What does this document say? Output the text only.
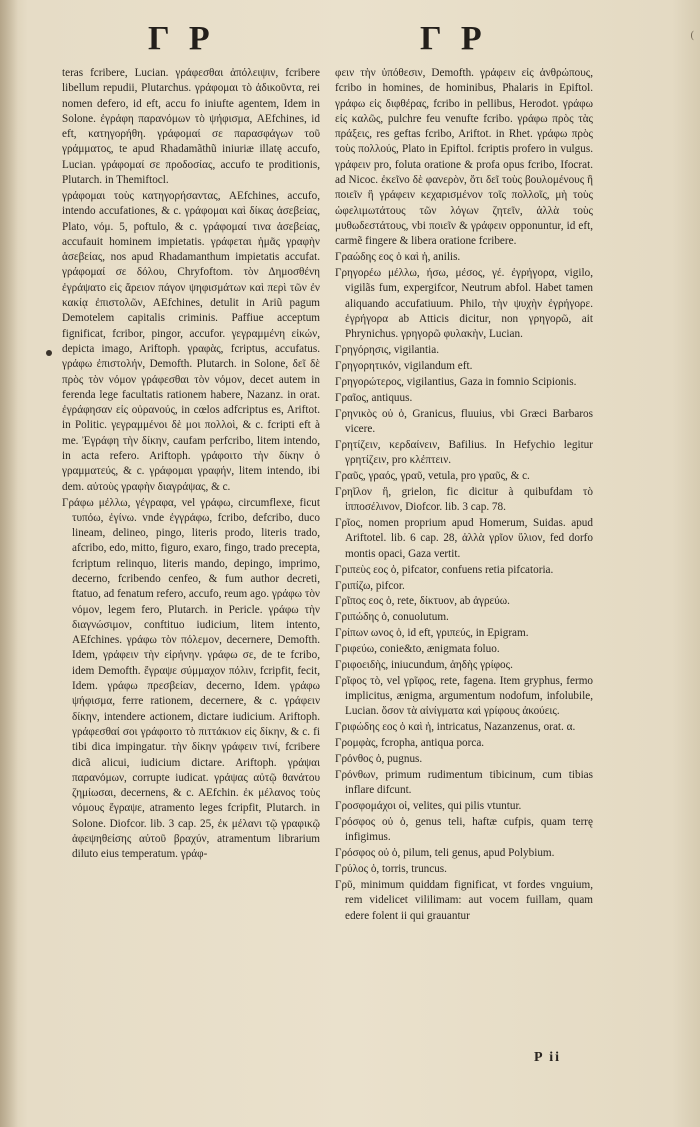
(
Γ Ρ	Γ Ρ

teras fcribere, Lucian. γράφεσθαι ἀπόλειψιν, fcribere libellum repudii, Plutarchus. γράφομαι τὸ ἀδικοῦντα, rei nomen defero, id eft, accu fo iniufte agentem, Idem in Solone. ἐγράφη παρανόμων τὸ ψήφισμα, AEfchines, id eft, κατηγορήθη. γράφομαί σε παρασφάγων τοῦ γράμματος, te apud Rhadamãthũ iniuriæ illatę accufo, Lucian. γράφομαί σε προδοσίας, accufo te proditionis, Plutarch. in Themiftocl.

γράφομαι τοὺς κατηγορήσαντας, AEfchines, accufo, intendo accufationes, & c. γράφομαι καὶ δίκας ἀσεβείας, Plato, νόμ. 5, poftulo, & c. γράφομαί τινα ἀσεβείας, accufauit hominem impietatis. γράφεται ἡμᾶς γραφὴν ἀσεβείας, nos apud Rhadamanthum impietatis accufat. γράφομαί σε δόλου, Chryfoftom. τὸν Δημοσθένη ἐγράψατο εἰς ἄρειον πάγον ψηφισμάτων καὶ περὶ τῶν ἐν κακίᾳ ἐπιστολῶν, AEfchines, detulit in Ariũ pagum Demotelem capitalis criminis. Paffiue acceptum fignificat, fcribor, pingor, accufor. γεγραμμένη εἰκών, depicta imago, Ariftoph. γραφὰς, fcriptus, accufatus. γράφω ἐπιστολήν, Demofth. Plutarch. in Solone, δεῖ δὲ πρὸς τὸν νόμον γράφεσθαι τὸν νόμον, decet autem in ferenda lege facultatis rationem habere, Nazanz. in orat. ἐγράφησαν εἰς οὐρανούς, in cœlos adfcriptus es, Ariftot. in Politic. γεγραμμένοι δὲ μοι πολλοὶ, & c. fcripti eft à me. Ἐγράφη τὴν δίκην, caufam perfcribo, litem intendo, in acta refero. Ariftoph. γράφοιτο τὴν δίκην ὁ γραμματεύς, & c. γράφομαι γραφήν, litem intendo, ibi dem. αὐτοὺς γραφὴν διαγράψας, & c.

Γράφω μέλλω, γέγραφα, vel γράφω, circumflexe, ficut τυπόω, ἐγίνω. vnde ἐγγράφω, fcribo, defcribo, duco lineam, delineo, pingo, literis prodo, literis trado, afcribo, edo, mitto, figuro, exaro, fingo, trado precepta, fcriptum relinquo, literis mando, depingo, imprimo, decerno, fcribendo cenfeo, & fum author decreti, ftatuo, ad fenatum refero, accufo, reum ago. γράφω τὸν νόμον, legem fero, Plutarch. in Pericle. γράφω τὴν διαγνώσιμον, conftituo iudicium, litem intento, AEfchines. γράφω τὸν πόλεμον, decernere, Demofth. Idem, γράφειν τὴν εἰρήνην. γράφω σε, de te fcribo, idem Demofth. ἔγραψε σύμμαχον πόλιν, fcripfit, fecit, Idem. γράφω πρεσβείαν, decerno, Idem. γράφω ψήφισμα, ferre rationem, decernere, & c. γράφειν δίκην, intendere actionem, dictare iudicium. Ariftoph. γράφεσθαί σοι γράφοιτο τὸ πιττάκιον εἰς δίκην, & c. fi tibi dica impingatur. τὴν δίκην γράφειν τινί, fcribere dicã alicui, iudicium dictare. Ariftoph. γράψαι παρανόμων, corrupte iudicat. γράψας αὐτῷ θανάτου ζημίωσαι, decernens, & c. AEfchin. ἐκ μέλανος τοὺς νόμους ἔγραψε, atramento leges fcripfit, Plutarch. in Solone. Diofcor. lib. 3 cap. 25, ἐκ μέλανι τῷ γραφικῷ ἀφεψηθείσης αὐτοῦ βραχύν, atramentum librarium diluto eius temperatum. γράφ-

φειν τὴν ὑπόθεσιν, Demofth. γράφειν εἰς ἀνθρώπους, fcribo in homines, de hominibus, Phalaris in Epiftol. γράφω εἰς διφθέρας, fcribo in pellibus, Herodot. γράφω εἰς καλῶς, pulchre feu venufte fcribo. γράφω πρὸς τὰς πράξεις, res geftas fcribo, Ariftot. in Rhet. γράφω πρὸς τοὺς πολλούς, Plato in Epiftol. fcriptis profero in vulgus. γράφειν pro, foluta oratione & profa opus fcribo, Ifocrat. ad Nicoc. ἐκεῖνο δὲ φανερὸν, ὅτι δεῖ τοὺς βουλομένους ἢ ποιεῖν ἢ γράφειν κεχαρισμένον τοῖς πολλοῖς, μὴ τοὺς ὠφελιμωτάτους τῶν λόγων ζητεῖν, ἀλλὰ τοὺς μυθωδεστάτους, vbi ποιεῖν & γράφειν opponuntur, id eft, carmẽ fingere & libera oratione fcribere.

Γραώδης εος ὁ καὶ ἡ, anilis.

Γρηγορέω μέλλω, ήσω, μέσος, γέ. ἐγρήγορα, vigilo, vigilãs fum, expergifcor, Neutrum abfol. Habet tamen aliquando accufatiuum. Philo, τὴν ψυχὴν ἐγρήγορε. ἐγρήγορα ab Atticis dicitur, non γρηγορῶ, ait Phrynichus. γρηγορῶ φυλακὴν, Lucian.

Γρηγόρησις, vigilantia.

Γρηγορητικόν, vigilandum eft.

Γρηγορώτερος, vigilantius, Gaza in fomnio Scipionis.

Γραῖος, antiquus.

Γρηνικὸς οὐ ὁ, Granicus, fluuius, vbi Græci Barbaros vicere.

Γρητίζειν, κερδαίνειν, Bafilius. In Hefychio legitur γρητίζειν, pro κλέπτειν.

Γραῦς, γραός, γραῦ, vetula, pro γραῦς, & c.

Γρηῖλον ἢ, grielon, fic dicitur à quibufdam τὸ ἱπποσέλινον, Diofcor. lib. 3 cap. 78.

Γρῖος, nomen proprium apud Homerum, Suidas. apud Ariftotel. lib. 6 cap. 28, ἀλλὰ γρῖον ὕλιον, fed dorfo montis opaci, Gaza vertit.

Γριπεὺς εος ὁ, pifcator, confuens retia pifcatoria.

Γριπίζω, pifcor.

Γρῖπος εος ὁ, rete, δίκτυον, ab ἀγρεύω.

Γριπώδης ὁ, conuolutum.

Γρίπων ωνος ὁ, id eft, γριπεύς, in Epigram.

Γριφεύω, conie&to, ænigmata foluo.

Γριφοειδὴς, iniucundum, ἀηδὴς γρίφος.

Γρῖφος τὸ, vel γρῖφος, rete, fagena. Item gryphus, fermo implicitus, ænigma, argumentum nodofum, infolubile, Lucian. ὅσον τὰ αἰνίγματα καὶ γρίφους ἀκούεις.

Γριφώδης εος ὁ καὶ ἡ, intricatus, Nazanzenus, orat. α.

Γρομφὰς, fcropha, antiqua porca.

Γρόνθος ὁ, pugnus.

Γρόνθων, primum rudimentum tibicinum, cum tibias inflare difcunt.

Γροσφομάχοι οἱ, velites, qui pilis vtuntur.

Γρόσφος οὐ ὁ, genus teli, haftæ cufpis, quam terrę infigimus.

Γρόσφος οὐ ὁ, pilum, teli genus, apud Polybium.

Γρύλος ὁ, torris, truncus.

Γρῦ, minimum quiddam fignificat, vt fordes vnguium, rem videlicet vililimam: aut vocem fuillam, quam edere folent ii qui grauantur

P ii
